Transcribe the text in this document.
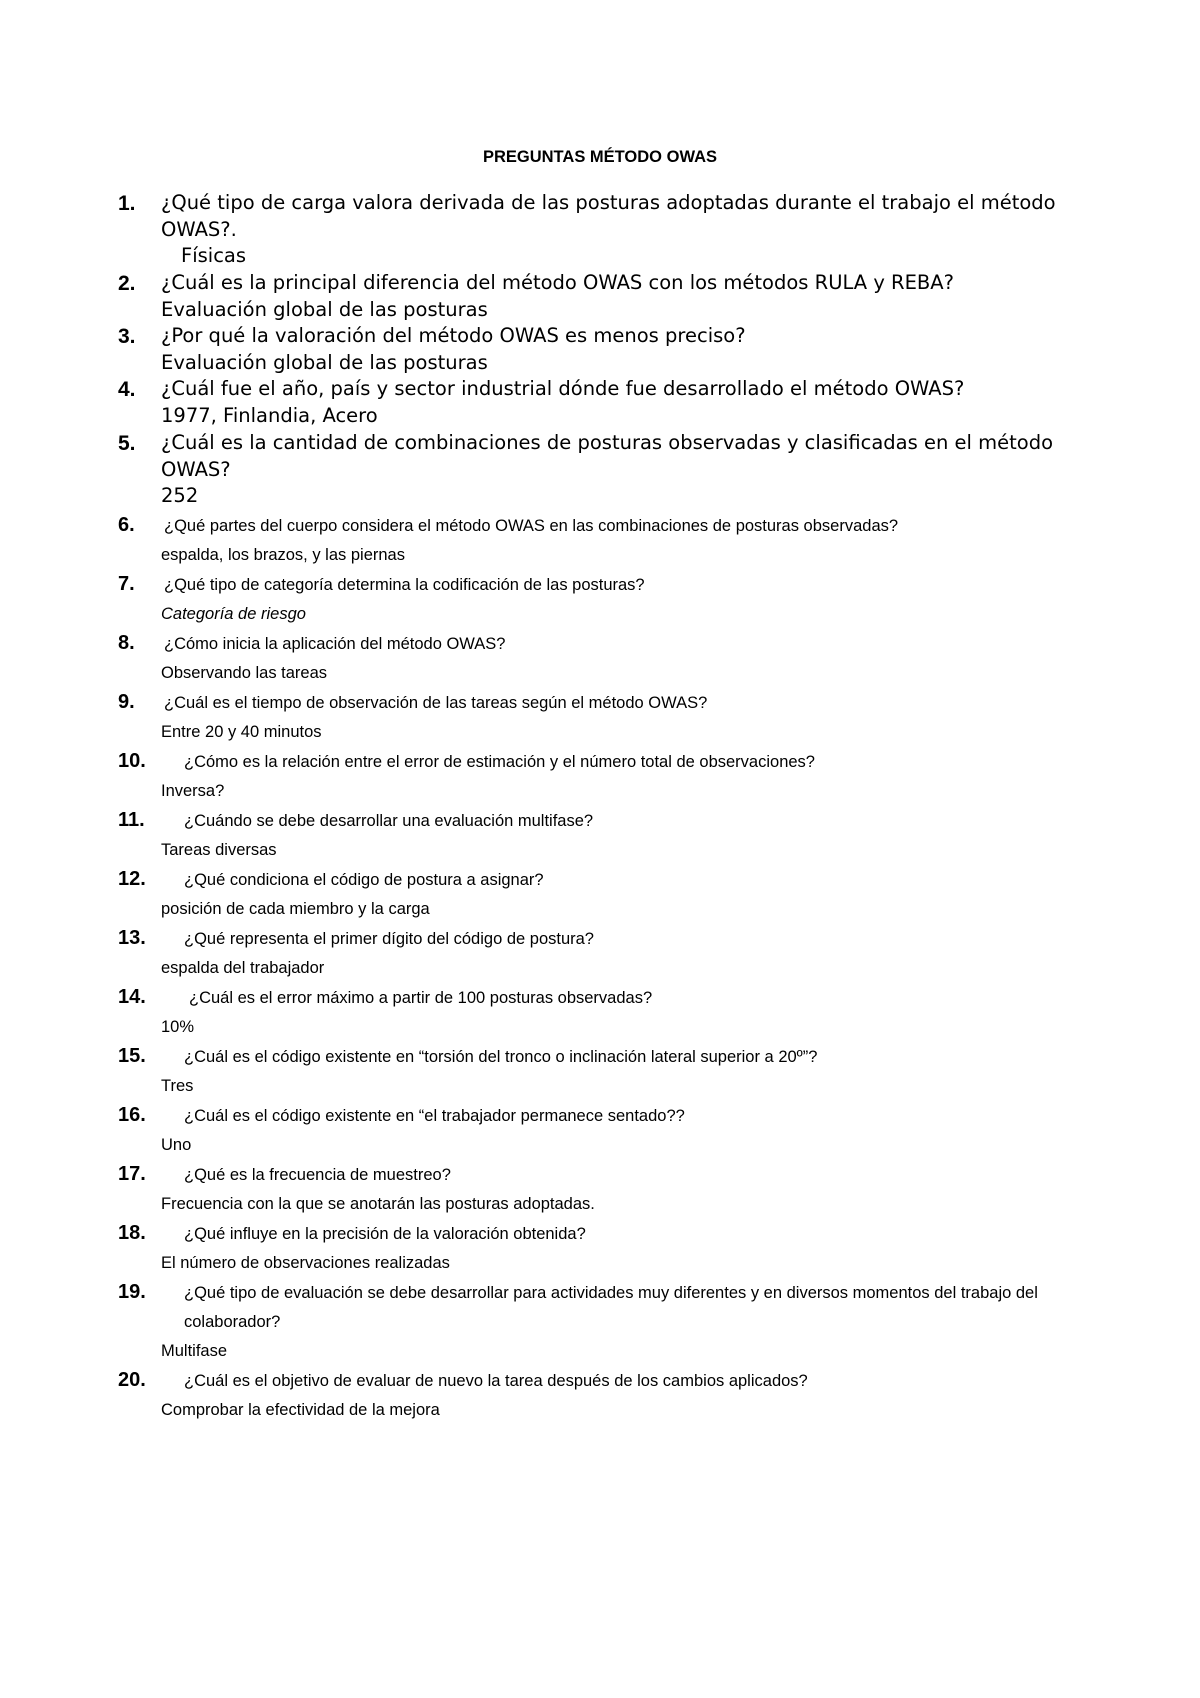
PREGUNTAS MÉTODO OWAS
1. ¿Qué tipo de carga valora derivada de las posturas adoptadas durante el trabajo el método OWAS?.

Físicas

2. ¿Cuál es la principal diferencia del método OWAS con los métodos RULA y REBA?

Evaluación global de las posturas

3. ¿Por qué la valoración del método OWAS es menos preciso?

Evaluación global de las posturas

4. ¿Cuál fue el año, país y sector industrial dónde fue desarrollado el método OWAS?

1977, Finlandia, Acero

5. ¿Cuál es la cantidad de combinaciones de posturas observadas y clasificadas en el método OWAS?

252

6. ¿Qué partes del cuerpo considera el método OWAS en las combinaciones de posturas observadas?

espalda, los brazos, y las piernas

7. ¿Qué tipo de categoría determina la codificación de las posturas?

Categoría de riesgo

8. ¿Cómo inicia la aplicación del método OWAS?

Observando las tareas

9. ¿Cuál es el tiempo de observación de las tareas según el método OWAS?

Entre 20 y 40 minutos

10.	¿Cómo es la relación entre el error de estimación y el número total de observaciones?

Inversa?

11.	¿Cuándo se debe desarrollar una evaluación multifase?

Tareas diversas

12.	¿Qué condiciona el código de postura a asignar?

posición de cada miembro y la carga

13.	¿Qué representa el primer dígito del código de postura?

espalda del trabajador

14.	¿Cuál es el error máximo a partir de 100 posturas observadas?

10%

15.	¿Cuál es el código existente en “torsión del tronco o inclinación lateral superior a 20º”?

Tres

16.	¿Cuál es el código existente en “el trabajador permanece sentado??

Uno

17.	¿Qué es la frecuencia de muestreo?

Frecuencia con la que se anotarán las posturas adoptadas.

18.	¿Qué influye en la precisión de la valoración obtenida?

El número de observaciones realizadas

19.	¿Qué tipo de evaluación se debe desarrollar para actividades muy diferentes y en diversos momentos del trabajo del colaborador?

Multifase

20.	¿Cuál es el objetivo de evaluar de nuevo la tarea después de los cambios aplicados?

Comprobar la efectividad de la mejora
